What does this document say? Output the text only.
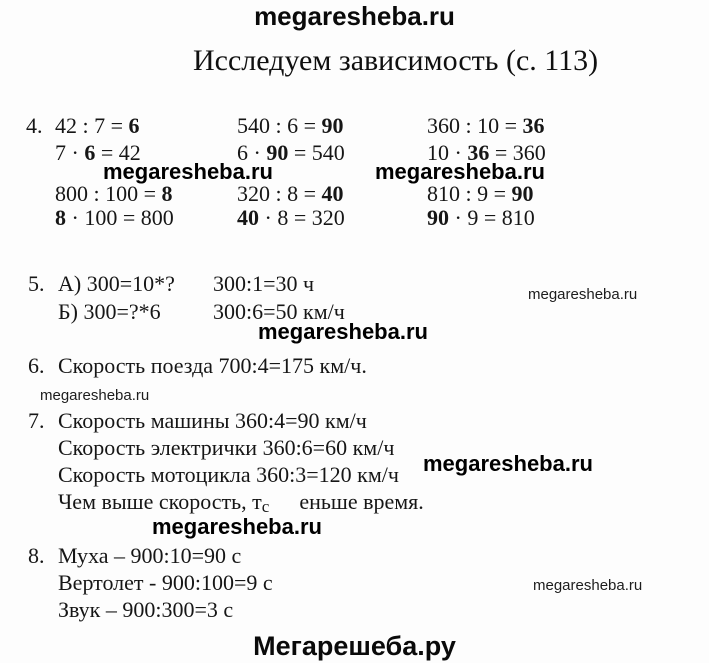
megaresheba.ru
Исследуем зависимость (с. 113)
4. 42 : 7 = 6
7 · 6 = 42
800 : 100 = 8
8 · 100 = 800
540 : 6 = 90
6 · 90 = 540
320 : 8 = 40
40 · 8 = 320
360 : 10 = 36
10 · 36 = 360
810 : 9 = 90
90 · 9 = 810
megaresheba.ru	megaresheba.ru
5. А) 300=10*? 300:1=30 ч
Б) 300=?*6 300:6=50 км/ч
megaresheba.ru
megaresheba.ru
6. Скорость поезда 700:4=175 км/ч.
megaresheba.ru
7. Скорость машины 360:4=90 км/ч
Скорость электрички 360:6=60 км/ч
Скорость мотоцикла 360:3=120 км/ч
Чем выше скорость, тс еньше время.
megaresheba.ru
megaresheba.ru
8. Муха – 900:10=90 с
Вертолет - 900:100=9 с
Звук – 900:300=3 с
megaresheba.ru
Мегарешеба.ру
